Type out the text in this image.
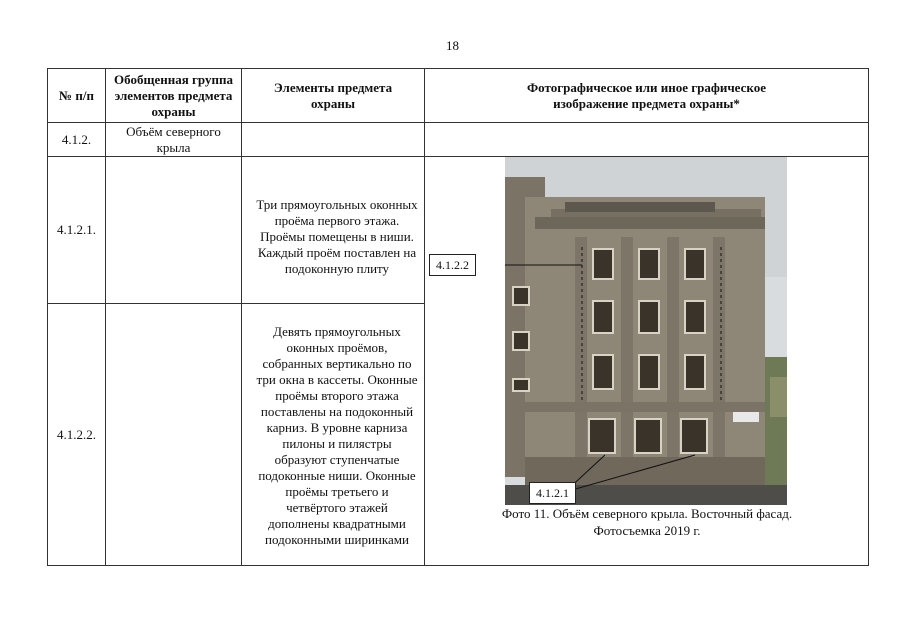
18
№ п/п	Обобщенная группа элементов предмета охраны	Элементы предмета охраны	Фотографическое или иное графическое изображение предмета охраны*
4.1.2.	Объём северного крыла		
4.1.2.1.		Три прямоугольных оконных проёма первого этажа. Проёмы помещены в ниши. Каждый проём поставлен на подоконную плиту	4.1.2.2
4.1.2.1
Фото 11. Объём северного крыла. Восточный фасад. Фотосъемка 2019 г.

4.1.2.2.		Девять прямоугольных оконных проёмов, собранных вертикально по три окна в кассеты. Оконные проёмы второго этажа поставлены на подоконный карниз. В уровне карниза пилоны и пилястры образуют ступенчатые подоконные ниши. Оконные проёмы третьего и четвёртого этажей дополнены квадратными подоконными ширинками	
